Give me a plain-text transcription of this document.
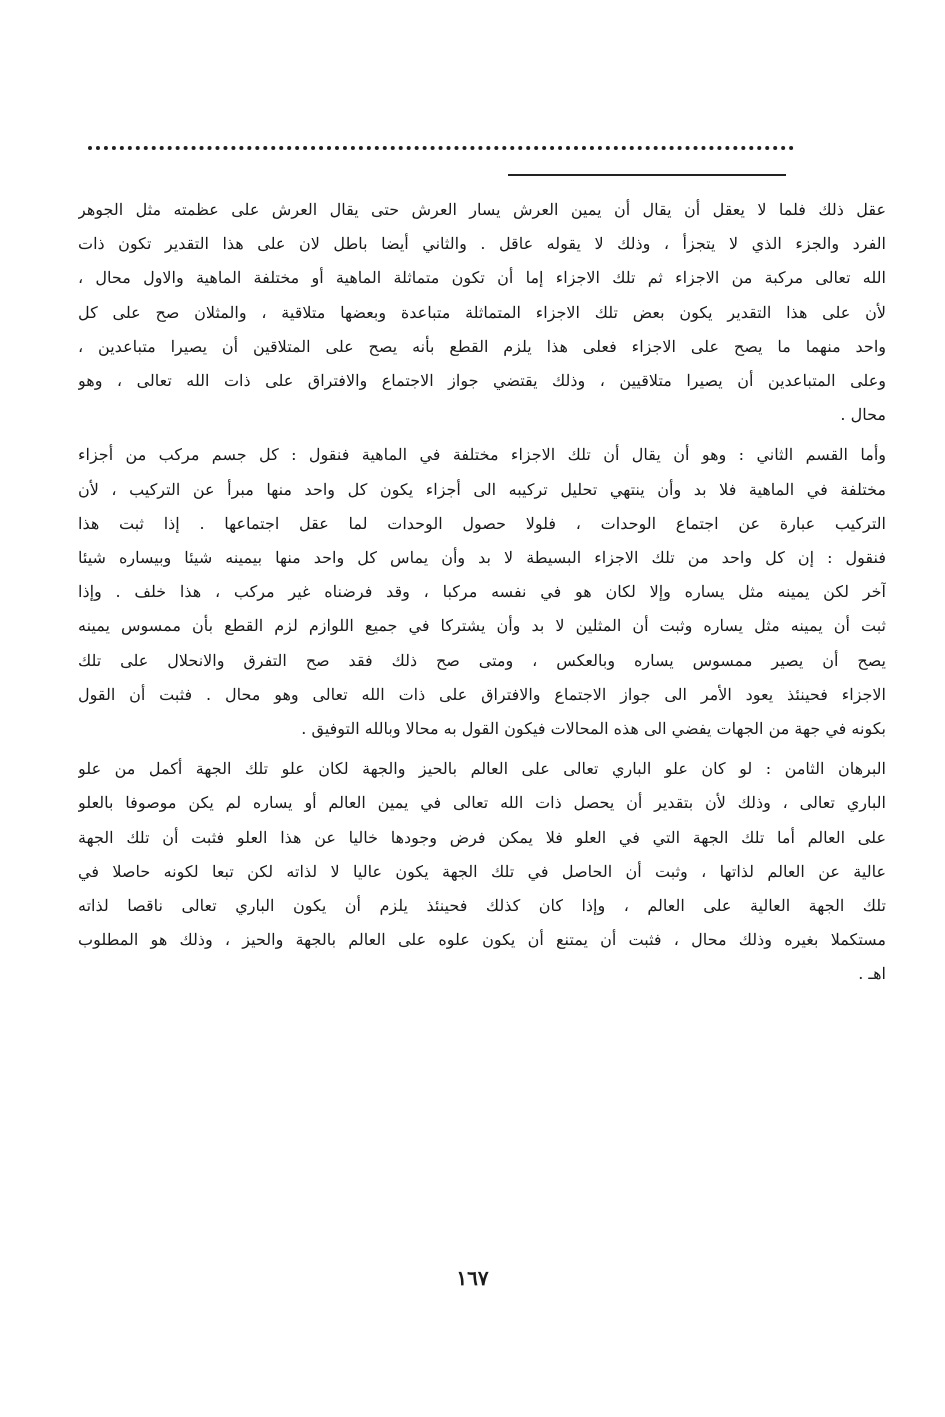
عقل ذلك فلما لا يعقل أن يقال أن يمين العرش يسار العرش حتى يقال العرش على عظمته مثل الجوهر
الفرد والجزء الذي لا يتجزأ ، وذلك لا يقوله عاقل . والثاني أيضا باطل لان على هذا التقدير تكون ذات
الله تعالى مركبة من الاجزاء ثم تلك الاجزاء إما أن تكون متماثلة الماهية أو مختلفة الماهية والاول محال ،
لأن على هذا التقدير يكون بعض تلك الاجزاء المتماثلة متباعدة وبعضها متلاقية ، والمثلان صح على كل
واحد منهما ما يصح على الاجزاء فعلى هذا يلزم القطع بأنه يصح على المتلاقين أن يصيرا متباعدين ،
وعلى المتباعدين أن يصيرا متلاقيين ، وذلك يقتضي جواز الاجتماع والافتراق على ذات الله تعالى ، وهو
محال .
وأما القسم الثاني : وهو أن يقال أن تلك الاجزاء مختلفة في الماهية فنقول : كل جسم مركب من أجزاء
مختلفة في الماهية فلا بد وأن ينتهي تحليل تركيبه الى أجزاء يكون كل واحد منها مبرأ عن التركيب ، لأن
التركيب عبارة عن اجتماع الوحدات ، فلولا حصول الوحدات لما عقل اجتماعها . إذا ثبت هذا
فنقول : إن كل واحد من تلك الاجزاء البسيطة لا بد وأن يماس كل واحد منها بيمينه شيئا وبيساره شيئا
آخر لكن يمينه مثل يساره وإلا لكان هو في نفسه مركبا ، وقد فرضناه غير مركب ، هذا خلف . وإذا
ثبت أن يمينه مثل يساره وثبت أن المثلين لا بد وأن يشتركا في جميع اللوازم لزم القطع بأن ممسوس يمينه
يصح أن يصير ممسوس يساره وبالعكس ، ومتى صح ذلك فقد صح التفرق والانحلال على تلك
الاجزاء فحينئذ يعود الأمر الى جواز الاجتماع والافتراق على ذات الله تعالى وهو محال . فثبت أن القول
بكونه في جهة من الجهات يفضي الى هذه المحالات فيكون القول به محالا وبالله التوفيق .
البرهان الثامن : لو كان علو الباري تعالى على العالم بالحيز والجهة لكان علو تلك الجهة أكمل من علو
الباري تعالى ، وذلك لأن بتقدير أن يحصل ذات الله تعالى في يمين العالم أو يساره لم يكن موصوفا بالعلو
على العالم أما تلك الجهة التي في العلو فلا يمكن فرض وجودها خاليا عن هذا العلو فثبت أن تلك الجهة
عالية عن العالم لذاتها ، وثبت أن الحاصل في تلك الجهة يكون عاليا لا لذاته لكن تبعا لكونه حاصلا في
تلك الجهة العالية على العالم ، وإذا كان كذلك فحينئذ يلزم أن يكون الباري تعالى ناقصا لذاته
مستكملا بغيره وذلك محال ، فثبت أن يمتنع أن يكون علوه على العالم بالجهة والحيز ، وذلك هو المطلوب
اهـ .
١٦٧
